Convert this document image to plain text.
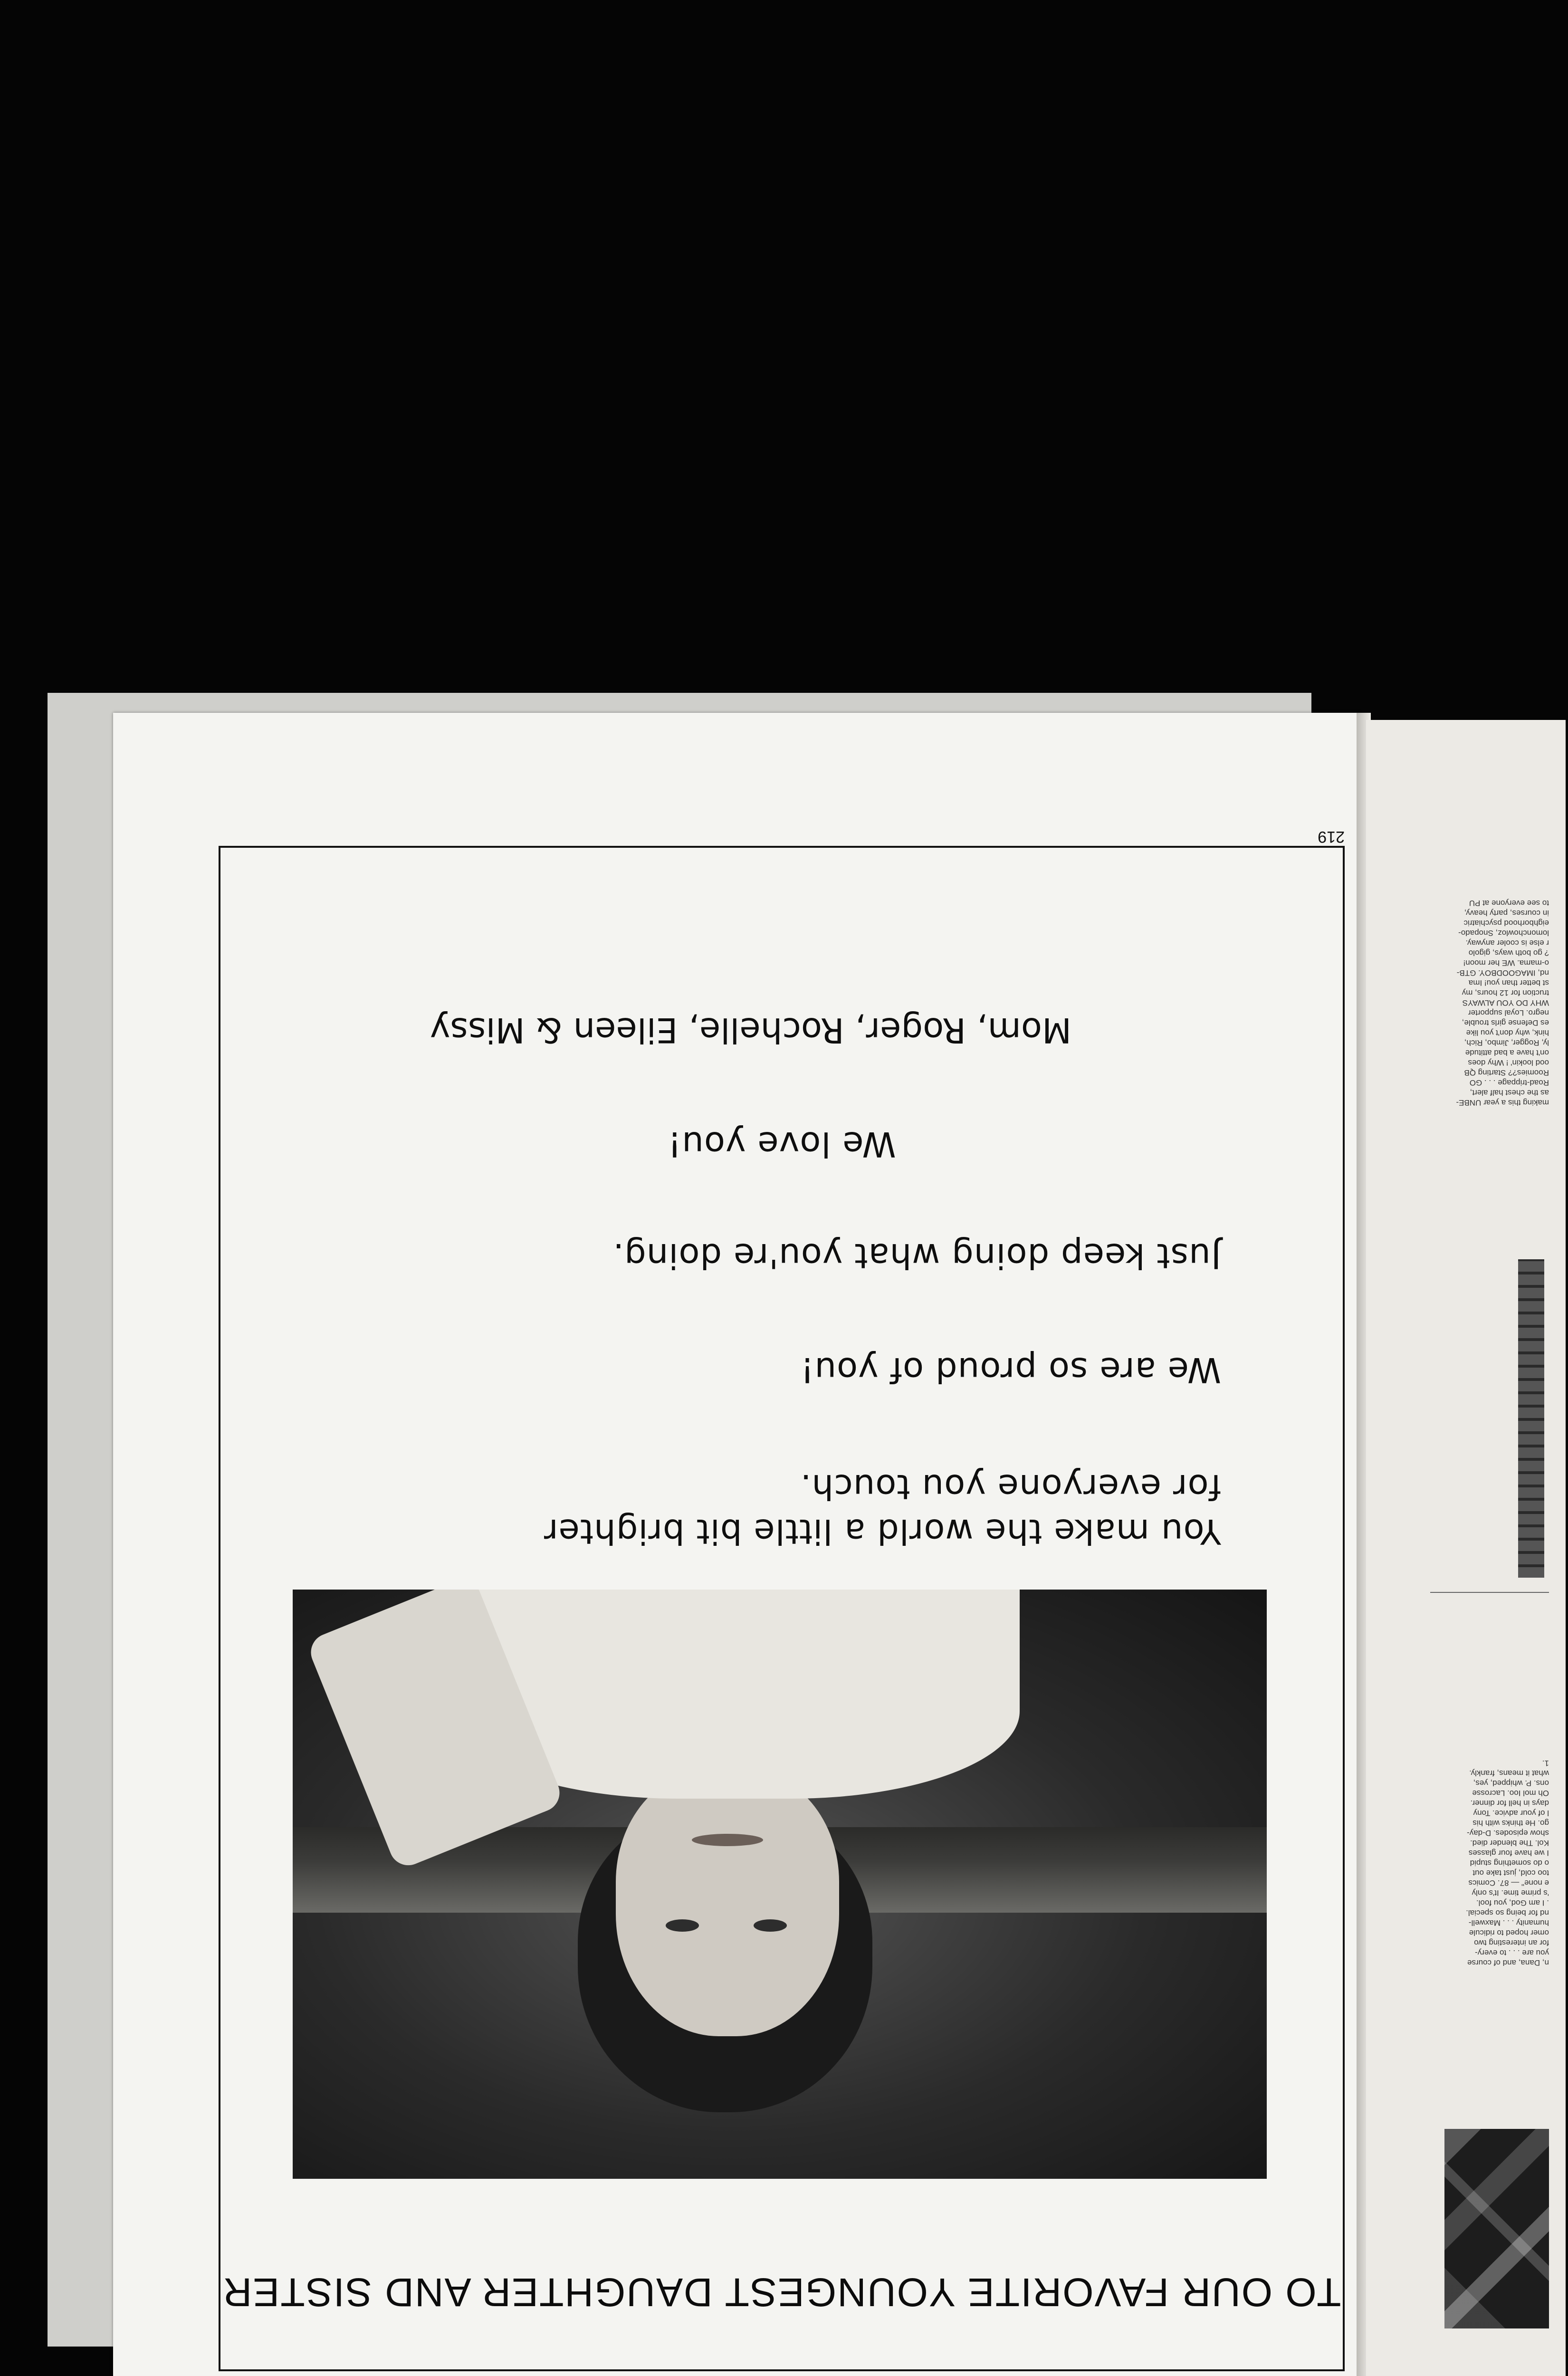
making this a year UNBE-
as the chest half alert,
Road-trippage . . . GO
Roomies?? Starting QB
ood lookin' ! Why does
on't have a bad attitude
ly, Rogger, Jimbo, Rich,
hink, why don't you like
es Defense girls trouble,
negro. Loyal supporter
WHY DO YOU ALWAYS
truction for 12 hours, my
st better than you! Ima
nd, IMAGOODBOY. GTB-
o-mama. WE her moon!
? go both ways, gigolo
r else is cooler anyway.
lomonchowloz, Snopado-
eighborhood psychiatric
in courses, party heavy,
to see everyone at PU
n, Dana, and of course
you are . . . to every-
for an interesting two
omer hoped to ridicule
humanity . . . Maxwell-
nd for being so special.
. I am God, you fool.
's prime time. It's only
e none" — 87. Comics
too cold, just take out
o do something stupid
I we have four glasses
Kol. The blender died.
show episodes. D-day-
go. He thinks with his
l of your advice. Tony
days in hell for dinner.
Oh mol Ioo. Lacrosse
ons. P. whipped, yes,
what it means, frankly.
1.
TO OUR FAVORITE YOUNGEST DAUGHTER AND SISTER
You make the world a little bit brighter
for everyone you touch.
We are so proud of you!
Just keep doing what you're doing.
We love you!
Mom, Roger, Rochelle, Eileen & Missy
219
